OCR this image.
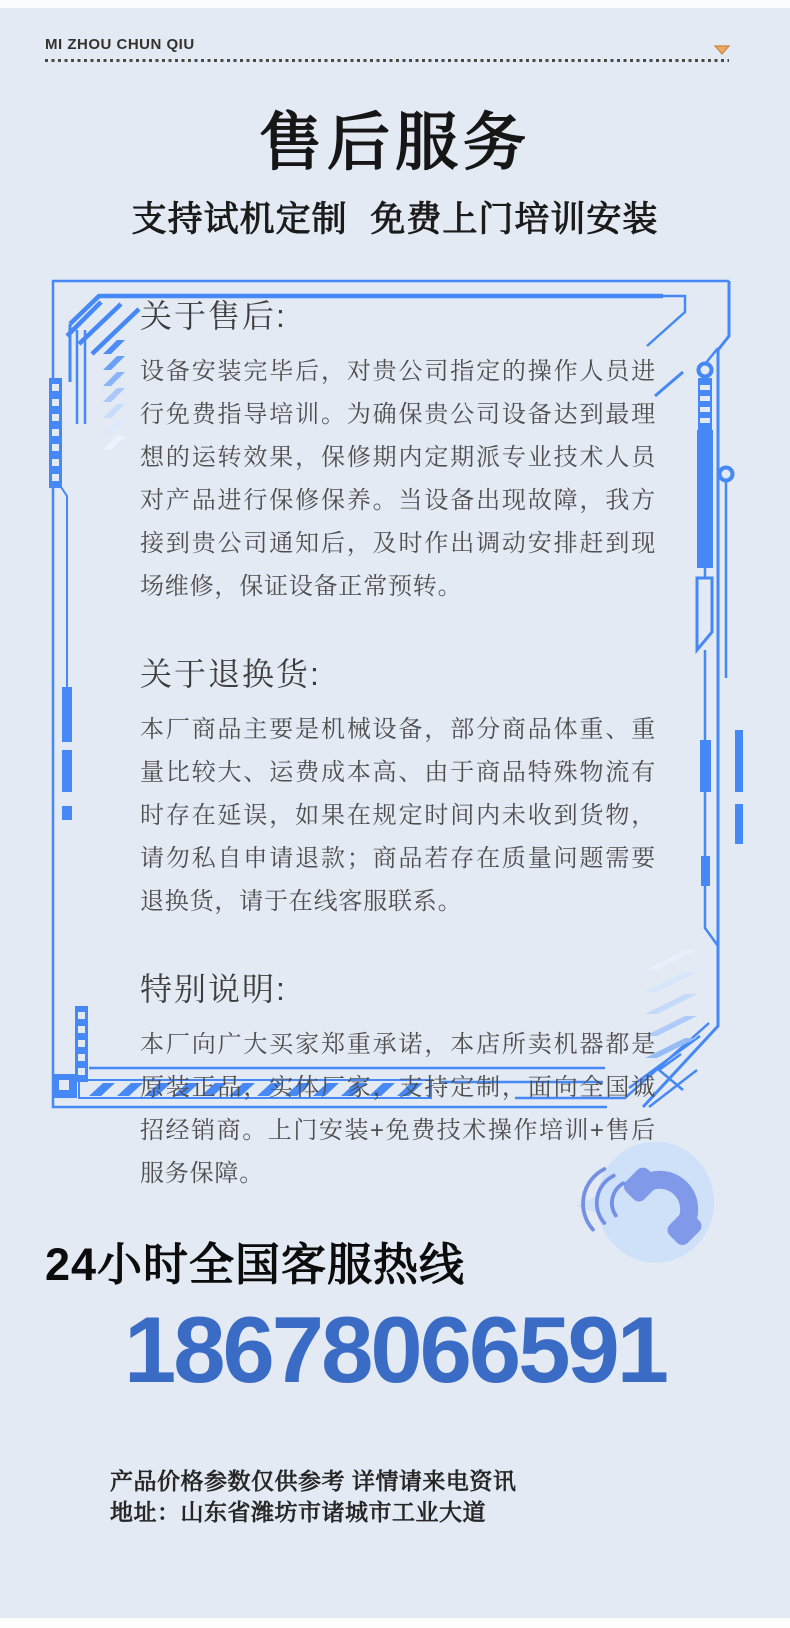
MI ZHOU CHUN QIU
售后服务
支持试机定制 免费上门培训安装
关于售后:
设备安装完毕后，对贵公司指定的操作人员进行免费指导培训。为确保贵公司设备达到最理想的运转效果，保修期内定期派专业技术人员对产品进行保修保养。当设备出现故障，我方接到贵公司通知后，及时作出调动安排赶到现场维修，保证设备正常预转。
关于退换货:
本厂商品主要是机械设备，部分商品体重、重量比较大、运费成本高、由于商品特殊物流有时存在延误，如果在规定时间内未收到货物，请勿私自申请退款；商品若存在质量问题需要退换货，请于在线客服联系。
特别说明:
本厂向广大买家郑重承诺，本店所卖机器都是原装正品，实体厂家，支持定制，面向全国诚招经销商。上门安装+免费技术操作培训+售后服务保障。
24小时全国客服热线
18678066591
产品价格参数仅供参考 详情请来电资讯
地址：山东省潍坊市诸城市工业大道
